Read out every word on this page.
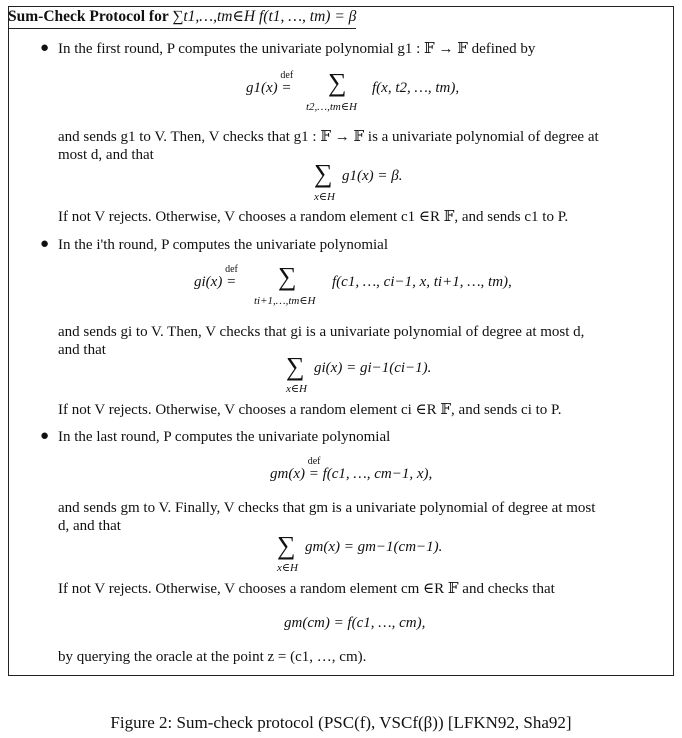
Sum-Check Protocol for ∑t1,…,tm∈H f(t1, …, tm) = β
● In the first round, P computes the univariate polynomial g1 : 𝔽 → 𝔽 defined by
g1(x) =
def ∑
t2,…,tm∈H
f(x, t2, …, tm),
and sends g1 to V. Then, V checks that g1 : 𝔽 → 𝔽 is a univariate polynomial of degree at
most d, and that
∑
x∈H
g1(x) = β.
If not V rejects. Otherwise, V chooses a random element c1 ∈R 𝔽, and sends c1 to P.
● In the i'th round, P computes the univariate polynomial
gi(x) =
def ∑
ti+1,…,tm∈H
f(c1, …, ci−1, x, ti+1, …, tm),
and sends gi to V. Then, V checks that gi is a univariate polynomial of degree at most d,
and that
∑
x∈H
gi(x) = gi−1(ci−1).
If not V rejects. Otherwise, V chooses a random element ci ∈R 𝔽, and sends ci to P.
● In the last round, P computes the univariate polynomial
gm(x) =
def
f(c1, …, cm−1, x),
and sends gm to V. Finally, V checks that gm is a univariate polynomial of degree at most
d, and that
∑
x∈H
gm(x) = gm−1(cm−1).
If not V rejects. Otherwise, V chooses a random element cm ∈R 𝔽 and checks that
gm(cm) = f(c1, …, cm),
by querying the oracle at the point z = (c1, …, cm).
Figure 2: Sum-check protocol (PSC(f), VSCf(β)) [LFKN92, Sha92]
